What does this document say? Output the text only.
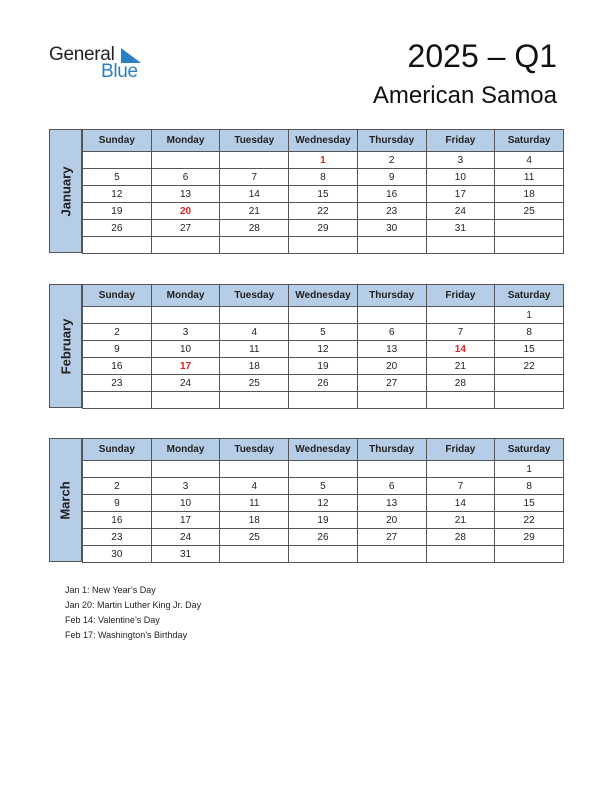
General
Blue	2025 – Q1
American Samoa
January
Sunday	Monday	Tuesday	Wednesday	Thursday	Friday	Saturday
			1	2	3	4
5	6	7	8	9	10	11
12	13	14	15	16	17	18
19	20	21	22	23	24	25
26	27	28	29	30	31	

February
Sunday	Monday	Tuesday	Wednesday	Thursday	Friday	Saturday
						1
2	3	4	5	6	7	8
9	10	11	12	13	14	15
16	17	18	19	20	21	22
23	24	25	26	27	28	

March
Sunday	Monday	Tuesday	Wednesday	Thursday	Friday	Saturday
						1
2	3	4	5	6	7	8
9	10	11	12	13	14	15
16	17	18	19	20	21	22
23	24	25	26	27	28	29
30	31					
Jan 1: New Year’s Day
Jan 20: Martin Luther King Jr. Day
Feb 14: Valentine’s Day
Feb 17: Washington’s Birthday
